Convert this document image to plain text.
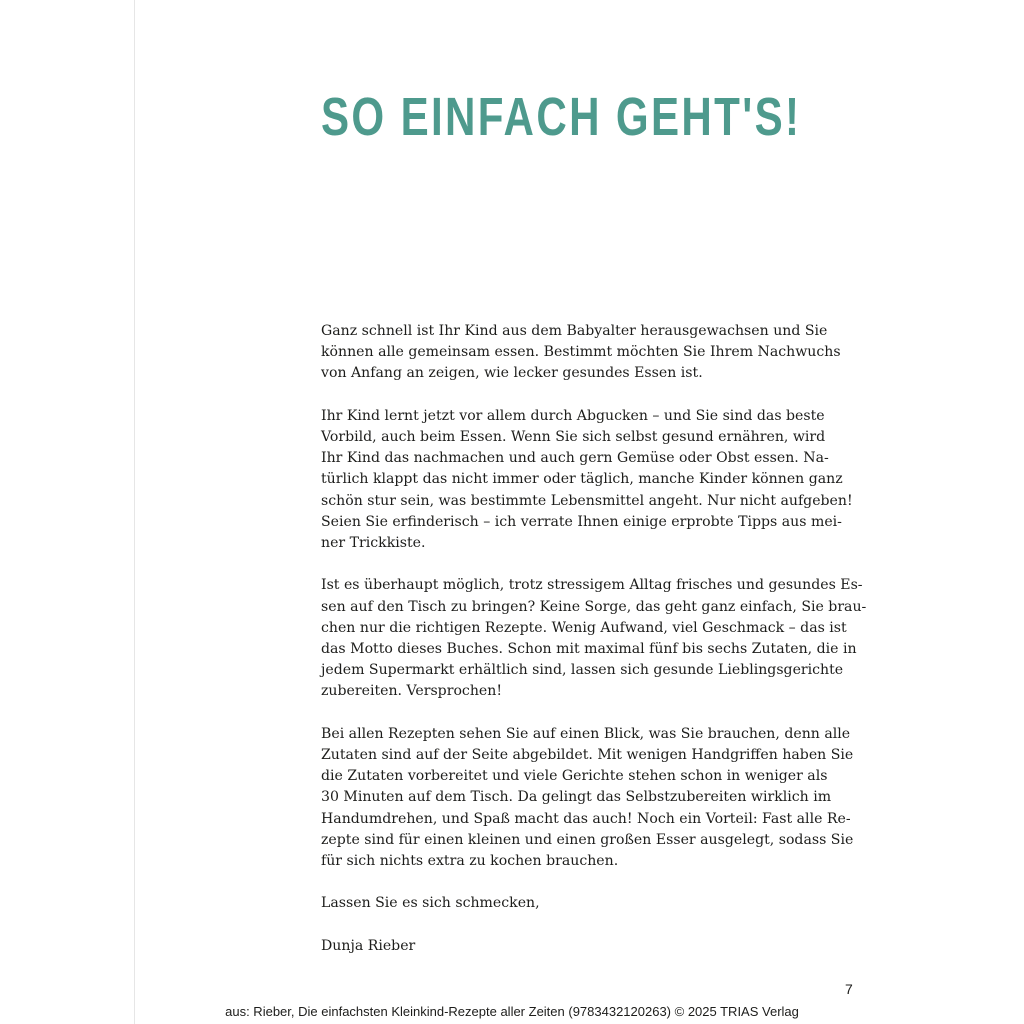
SO EINFACH GEHT'S!

Ganz schnell ist Ihr Kind aus dem Babyalter herausgewachsen und Sie
können alle gemeinsam essen. Bestimmt möchten Sie Ihrem Nachwuchs
von Anfang an zeigen, wie lecker gesundes Essen ist.

Ihr Kind lernt jetzt vor allem durch Abgucken – und Sie sind das beste
Vorbild, auch beim Essen. Wenn Sie sich selbst gesund ernähren, wird
Ihr Kind das nachmachen und auch gern Gemüse oder Obst essen. Na-
türlich klappt das nicht immer oder täglich, manche Kinder können ganz
schön stur sein, was bestimmte Lebensmittel angeht. Nur nicht aufgeben!
Seien Sie erfinderisch – ich verrate Ihnen einige erprobte Tipps aus mei-
ner Trickkiste.

Ist es überhaupt möglich, trotz stressigem Alltag frisches und gesundes Es-
sen auf den Tisch zu bringen? Keine Sorge, das geht ganz einfach, Sie brau-
chen nur die richtigen Rezepte. Wenig Aufwand, viel Geschmack – das ist
das Motto dieses Buches. Schon mit maximal fünf bis sechs Zutaten, die in
jedem Supermarkt erhältlich sind, lassen sich gesunde Lieblingsgerichte
zubereiten. Versprochen!

Bei allen Rezepten sehen Sie auf einen Blick, was Sie brauchen, denn alle
Zutaten sind auf der Seite abgebildet. Mit wenigen Handgriffen haben Sie
die Zutaten vorbereitet und viele Gerichte stehen schon in weniger als
30 Minuten auf dem Tisch. Da gelingt das Selbstzubereiten wirklich im
Handumdrehen, und Spaß macht das auch! Noch ein Vorteil: Fast alle Re-
zepte sind für einen kleinen und einen großen Esser ausgelegt, sodass Sie
für sich nichts extra zu kochen brauchen.

Lassen Sie es sich schmecken,

Dunja Rieber

7
aus: Rieber, Die einfachsten Kleinkind-Rezepte aller Zeiten (9783432120263) © 2025 TRIAS Verlag
